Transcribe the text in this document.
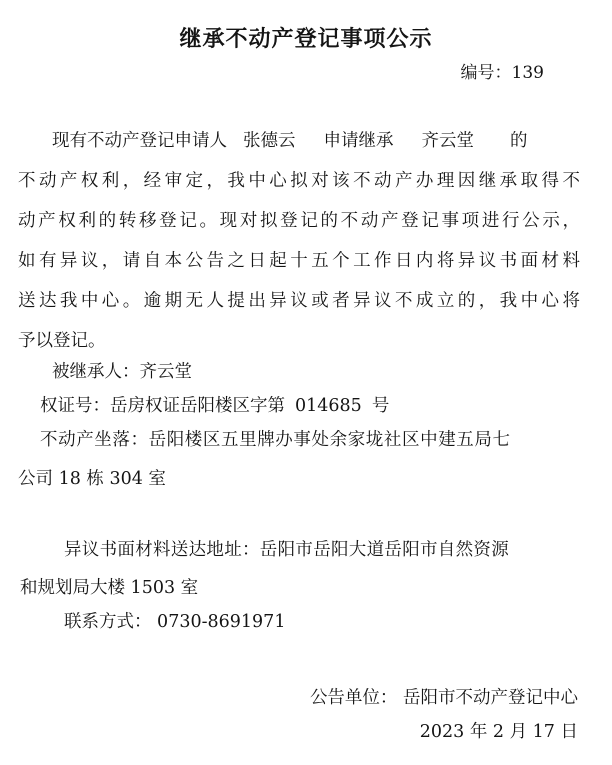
继承不动产登记事项公示
编号：139
现有不动产登记申请人 张德云 申请继承 齐云堂 的
不动产权利，经审定，我中心拟对该不动产办理因继承取得不
动产权利的转移登记。现对拟登记的不动产登记事项进行公示，
如有异议，请自本公告之日起十五个工作日内将异议书面材料
送达我中心。逾期无人提出异议或者异议不成立的，我中心将
予以登记。
被继承人：齐云堂
权证号：岳房权证岳阳楼区字第 014685 号
不动产坐落：岳阳楼区五里牌办事处余家垅社区中建五局七
公司 18 栋 304 室
异议书面材料送达地址：岳阳市岳阳大道岳阳市自然资源
和规划局大楼 1503 室
联系方式： 0730-8691971
公告单位： 岳阳市不动产登记中心
2023 年 2 月 17 日
